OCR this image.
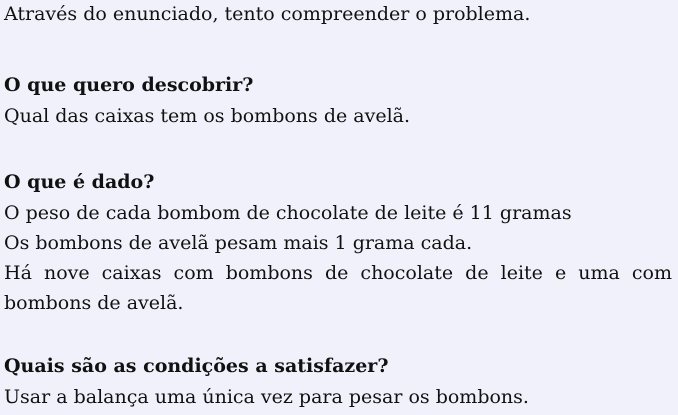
Através do enunciado, tento compreender o problema.
O que quero descobrir?
Qual das caixas tem os bombons de avelã.
O que é dado?
O peso de cada bombom de chocolate de leite é 11 gramas
Os bombons de avelã pesam mais 1 grama cada.
Há nove caixas com bombons de chocolate de leite e uma com bombons de avelã.
Quais são as condições a satisfazer?
Usar a balança uma única vez para pesar os bombons.
